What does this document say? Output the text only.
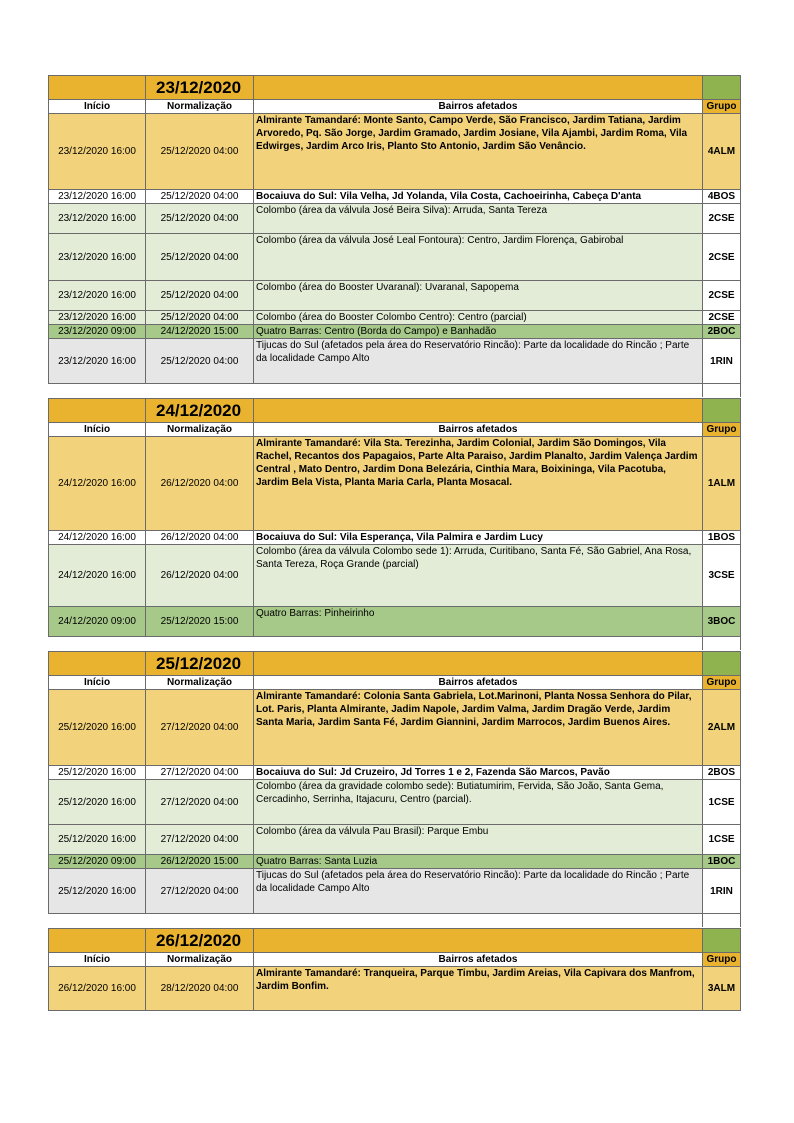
	23/12/2020		
Início	Normalização	Bairros afetados	Grupo
23/12/2020 16:00	25/12/2020 04:00	Almirante Tamandaré: Monte Santo, Campo Verde, São Francisco, Jardim Tatiana, Jardim Arvoredo, Pq. São Jorge, Jardim Gramado, Jardim Josiane, Vila Ajambi, Jardim Roma, Vila Edwirges, Jardim Arco Iris, Planto Sto Antonio, Jardim São Venâncio.	4ALM
23/12/2020 16:00	25/12/2020 04:00	Bocaiuva do Sul: Vila Velha, Jd Yolanda, Vila Costa, Cachoeirinha, Cabeça D'anta	4BOS
23/12/2020 16:00	25/12/2020 04:00	Colombo (área da válvula José Beira Silva): Arruda, Santa Tereza	2CSE
23/12/2020 16:00	25/12/2020 04:00	Colombo (área da válvula José Leal Fontoura): Centro, Jardim Florença, Gabirobal	2CSE
23/12/2020 16:00	25/12/2020 04:00	Colombo (área do Booster Uvaranal): Uvaranal, Sapopema	2CSE
23/12/2020 16:00	25/12/2020 04:00	Colombo (área do Booster Colombo Centro): Centro (parcial)	2CSE
23/12/2020 09:00	24/12/2020 15:00	Quatro Barras: Centro (Borda do Campo) e Banhadão	2BOC
23/12/2020 16:00	25/12/2020 04:00	Tijucas do Sul (afetados pela área do Reservatório Rincão): Parte da localidade do Rincão ; Parte da localidade Campo Alto	1RIN

	24/12/2020		
Início	Normalização	Bairros afetados	Grupo
24/12/2020 16:00	26/12/2020 04:00	Almirante Tamandaré: Vila Sta. Terezinha, Jardim Colonial, Jardim São Domingos, Vila Rachel, Recantos dos Papagaios, Parte Alta Paraiso, Jardim Planalto, Jardim Valença Jardim Central , Mato Dentro, Jardim Dona Belezária, Cinthia Mara, Boixininga, Vila Pacotuba, Jardim Bela Vista, Planta Maria Carla, Planta Mosacal.	1ALM
24/12/2020 16:00	26/12/2020 04:00	Bocaiuva do Sul: Vila Esperança, Vila Palmira e Jardim Lucy	1BOS
24/12/2020 16:00	26/12/2020 04:00	Colombo (área da válvula Colombo sede 1): Arruda, Curitibano, Santa Fé, São Gabriel, Ana Rosa, Santa Tereza, Roça Grande (parcial)	3CSE
24/12/2020 09:00	25/12/2020 15:00	Quatro Barras: Pinheirinho	3BOC

	25/12/2020		
Início	Normalização	Bairros afetados	Grupo
25/12/2020 16:00	27/12/2020 04:00	Almirante Tamandaré: Colonia Santa Gabriela, Lot.Marinoni, Planta Nossa Senhora do Pilar, Lot. Paris, Planta Almirante, Jadim Napole, Jardim Valma, Jardim Dragão Verde, Jardim Santa Maria, Jardim Santa Fé, Jardim Giannini, Jardim Marrocos, Jardim Buenos Aires.	2ALM
25/12/2020 16:00	27/12/2020 04:00	Bocaiuva do Sul: Jd Cruzeiro, Jd Torres 1 e 2, Fazenda São Marcos, Pavão	2BOS
25/12/2020 16:00	27/12/2020 04:00	Colombo (área da gravidade colombo sede): Butiatumirim, Fervida, São João, Santa Gema, Cercadinho, Serrinha, Itajacuru, Centro (parcial).	1CSE
25/12/2020 16:00	27/12/2020 04:00	Colombo (área da válvula Pau Brasil): Parque Embu	1CSE
25/12/2020 09:00	26/12/2020 15:00	Quatro Barras: Santa Luzia	1BOC
25/12/2020 16:00	27/12/2020 04:00	Tijucas do Sul (afetados pela área do Reservatório Rincão): Parte da localidade do Rincão ; Parte da localidade Campo Alto	1RIN

	26/12/2020		
Início	Normalização	Bairros afetados	Grupo
26/12/2020 16:00	28/12/2020 04:00	Almirante Tamandaré: Tranqueira, Parque Timbu, Jardim Areias, Vila Capivara dos Manfrom, Jardim Bonfim.	3ALM
